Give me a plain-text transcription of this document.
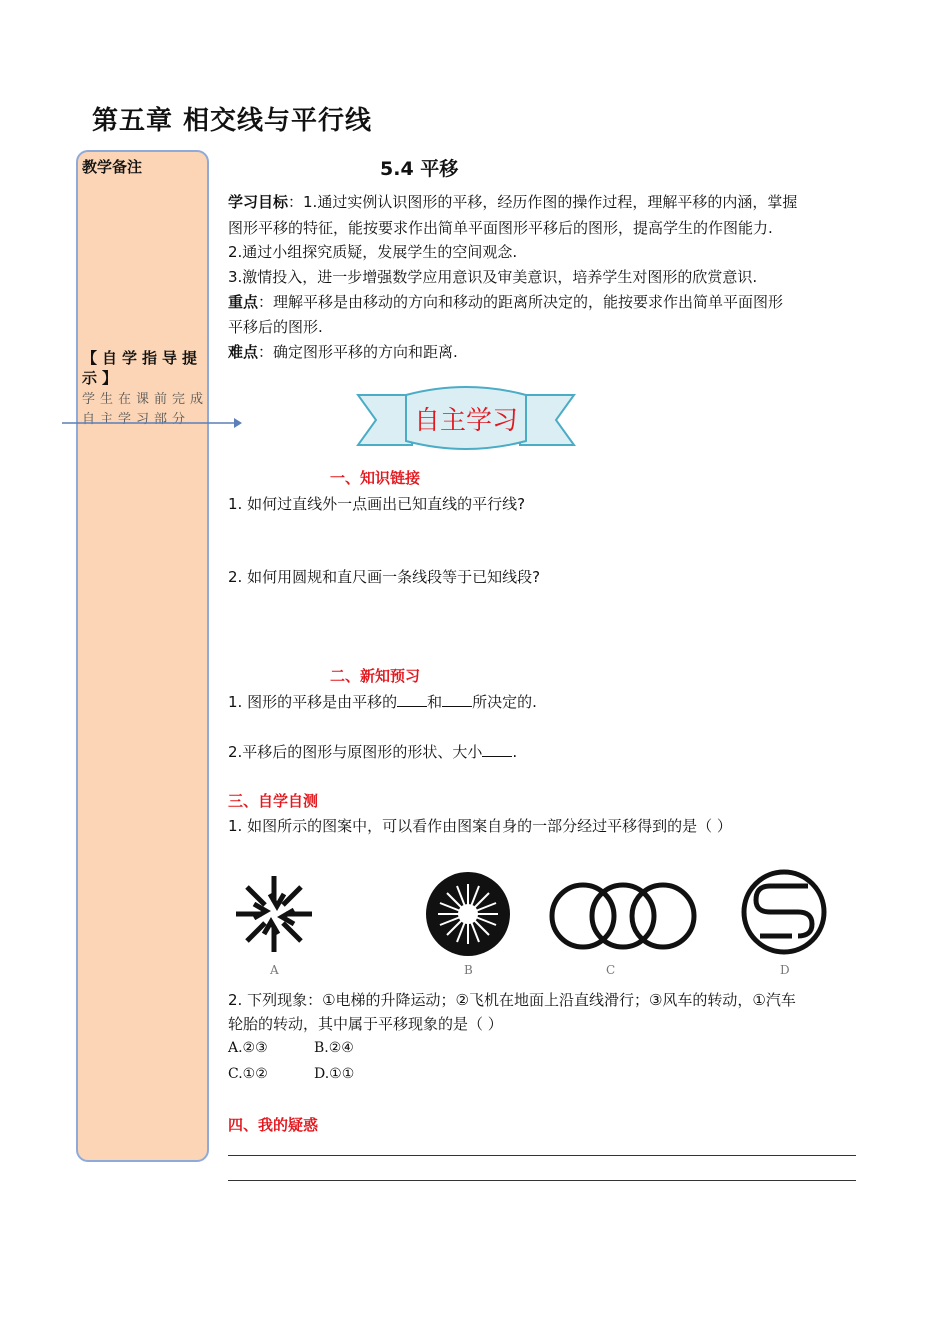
第五章 相交线与平行线
教学备注
【自学指导提示】
学生在课前完成自主学习部分
5.4 平移
学习目标：1.通过实例认识图形的平移，经历作图的操作过程，理解平移的内涵，掌握
图形平移的特征，能按要求作出简单平面图形平移后的图形，提高学生的作图能力.
2.通过小组探究质疑，发展学生的空间观念.
3.激情投入，进一步增强数学应用意识及审美意识，培养学生对图形的欣赏意识.
重点：理解平移是由移动的方向和移动的距离所决定的，能按要求作出简单平面图形
平移后的图形.
难点：确定图形平移的方向和距离.
自主学习
一、知识链接
1. 如何过直线外一点画出已知直线的平行线?
2. 如何用圆规和直尺画一条线段等于已知线段?
二、新知预习
1. 图形的平移是由平移的 和 所决定的.
2.平移后的图形与原图形的形状、大小 .
三、自学自测
1. 如图所示的图案中，可以看作由图案自身的一部分经过平移得到的是（ ）
A	B	C	D
2. 下列现象：①电梯的升降运动；②飞机在地面上沿直线滑行；③风车的转动，①汽车
轮胎的转动，其中属于平移现象的是（ ）
A.②③	B.②④
C.①②	D.①①
四、我的疑惑
